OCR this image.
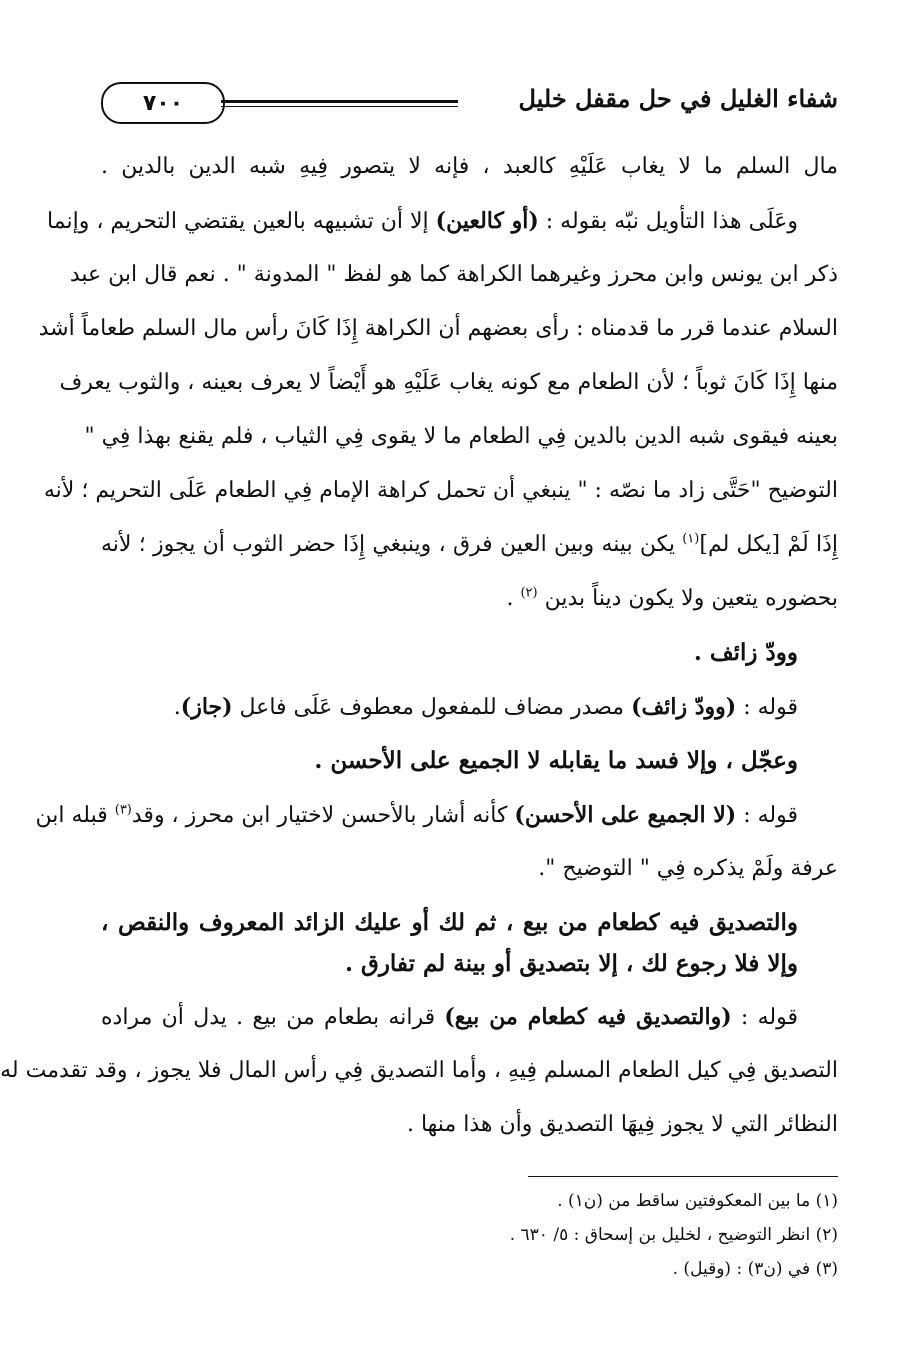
٧٠٠	شفاء الغليل في حل مقفل خليل
مال السلم ما لا يغاب عَلَيْهِ كالعبد ، فإنه لا يتصور فِيهِ شبه الدين بالدين .
وعَلَى هذا التأويل نبّه بقوله : (أو كالعين) إلا أن تشبيهه بالعين يقتضي التحريم ، وإنما
ذكر ابن يونس وابن محرز وغيرهما الكراهة كما هو لفظ " المدونة " . نعم قال ابن عبد
السلام عندما قرر ما قدمناه : رأى بعضهم أن الكراهة إِذَا كَانَ رأس مال السلم طعاماً أشد
منها إِذَا كَانَ ثوباً ؛ لأن الطعام مع كونه يغاب عَلَيْهِ هو أَيْضاً لا يعرف بعينه ، والثوب يعرف
بعينه فيقوى شبه الدين بالدين فِي الطعام ما لا يقوى فِي الثياب ، فلم يقنع بهذا فِي "
التوضيح "حَتَّى زاد ما نصّه : " ينبغي أن تحمل كراهة الإمام فِي الطعام عَلَى التحريم ؛ لأنه
إِذَا لَمْ [يكل لم]$^{(١)}$ يكن بينه وبين العين فرق ، وينبغي إِذَا حضر الثوب أن يجوز ؛ لأنه
بحضوره يتعين ولا يكون ديناً بدين $^{(٢)}$ .
وودّ زائف .
قوله : (وودّ زائف) مصدر مضاف للمفعول معطوف عَلَى فاعل (جاز).
وعجّل ، وإلا فسد ما يقابله لا الجميع على الأحسن .
قوله : (لا الجميع على الأحسن) كأنه أشار بالأحسن لاختيار ابن محرز ، وقد$^{(٣)}$ قبله ابن
عرفة ولَمْ يذكره فِي " التوضيح ".
والتصديق فيه كطعام من بيع ، ثم لك أو عليك الزائد المعروف والنقص ،
وإلا فلا رجوع لك ، إلا بتصديق أو بينة لم تفارق .
قوله : (والتصديق فيه كطعام من بيع) قرانه بطعام من بيع . يدل أن مراده
التصديق فِي كيل الطعام المسلم فِيهِ ، وأما التصديق فِي رأس المال فلا يجوز ، وقد تقدمت له
النظائر التي لا يجوز فِيهَا التصديق وأن هذا منها .
(١) ما بين المعكوفتين ساقط من (ن١) .
(٢) انظر التوضيح ، لخليل بن إسحاق : ٥/ ٦٣٠ .
(٣) في (ن٣) : (وقيل) .
